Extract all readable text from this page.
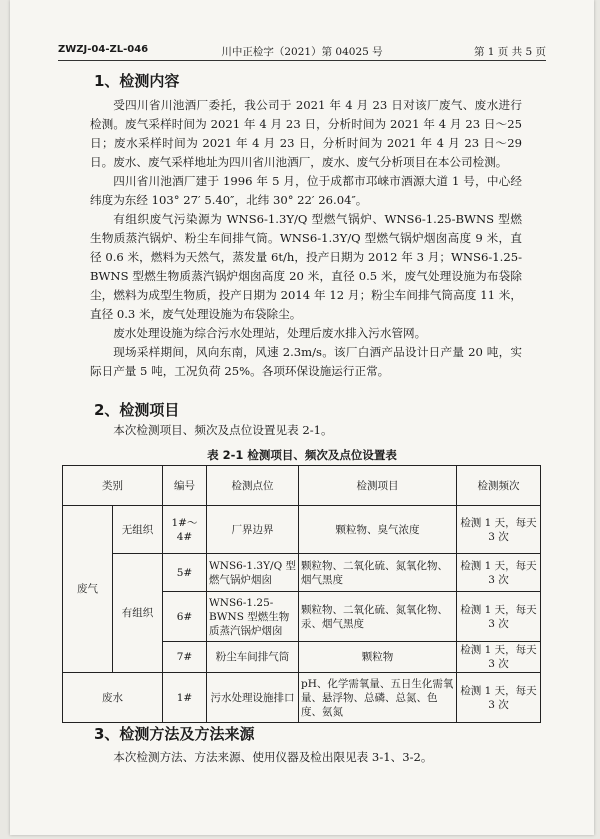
ZWZJ-04-ZL-046	川中正检字（2021）第 04025 号	第 1 页 共 5 页
1、检测内容

受四川省川池酒厂委托，我公司于 2021 年 4 月 23 日对该厂废气、废水进行检测。废气采样时间为 2021 年 4 月 23 日，分析时间为 2021 年 4 月 23 日～25 日；废水采样时间为 2021 年 4 月 23 日，分析时间为 2021 年 4 月 23 日～29 日。废水、废气采样地址为四川省川池酒厂，废水、废气分析项目在本公司检测。

四川省川池酒厂建于 1996 年 5 月，位于成都市邛崃市酒源大道 1 号，中心经纬度为东经 103° 27′ 5.40″，北纬 30° 22′ 26.04″。

有组织废气污染源为 WNS6-1.3Y/Q 型燃气锅炉、WNS6-1.25-BWNS 型燃生物质蒸汽锅炉、粉尘车间排气筒。WNS6-1.3Y/Q 型燃气锅炉烟囱高度 9 米，直径 0.6 米，燃料为天然气，蒸发量 6t/h，投产日期为 2012 年 3 月；WNS6-1.25-BWNS 型燃生物质蒸汽锅炉烟囱高度 20 米，直径 0.5 米，废气处理设施为布袋除尘，燃料为成型生物质，投产日期为 2014 年 12 月；粉尘车间排气筒高度 11 米，直径 0.3 米，废气处理设施为布袋除尘。

废水处理设施为综合污水处理站，处理后废水排入污水管网。

现场采样期间，风向东南，风速 2.3m/s。该厂白酒产品设计日产量 20 吨，实际日产量 5 吨，工况负荷 25%。各项环保设施运行正常。

2、检测项目

本次检测项目、频次及点位设置见表 2-1。

表 2-1 检测项目、频次及点位设置表
类别		编号	检测点位	检测项目	检测频次
废气	无组织	1#～4#	厂界边界	颗粒物、臭气浓度	检测 1 天，每天 3 次
	有组织	5#	WNS6-1.3Y/Q 型燃气锅炉烟囱	颗粒物、二氧化硫、氮氧化物、烟气黑度	检测 1 天，每天 3 次
		6#	WNS6-1.25-BWNS 型燃生物质蒸汽锅炉烟囱	颗粒物、二氧化硫、氮氧化物、汞、烟气黑度	检测 1 天，每天 3 次
		7#	粉尘车间排气筒	颗粒物	检测 1 天，每天 3 次
废水		1#	污水处理设施排口	pH、化学需氧量、五日生化需氧量、悬浮物、总磷、总氮、色度、氨氮	检测 1 天，每天 3 次
3、检测方法及方法来源

本次检测方法、方法来源、使用仪器及检出限见表 3-1、3-2。
